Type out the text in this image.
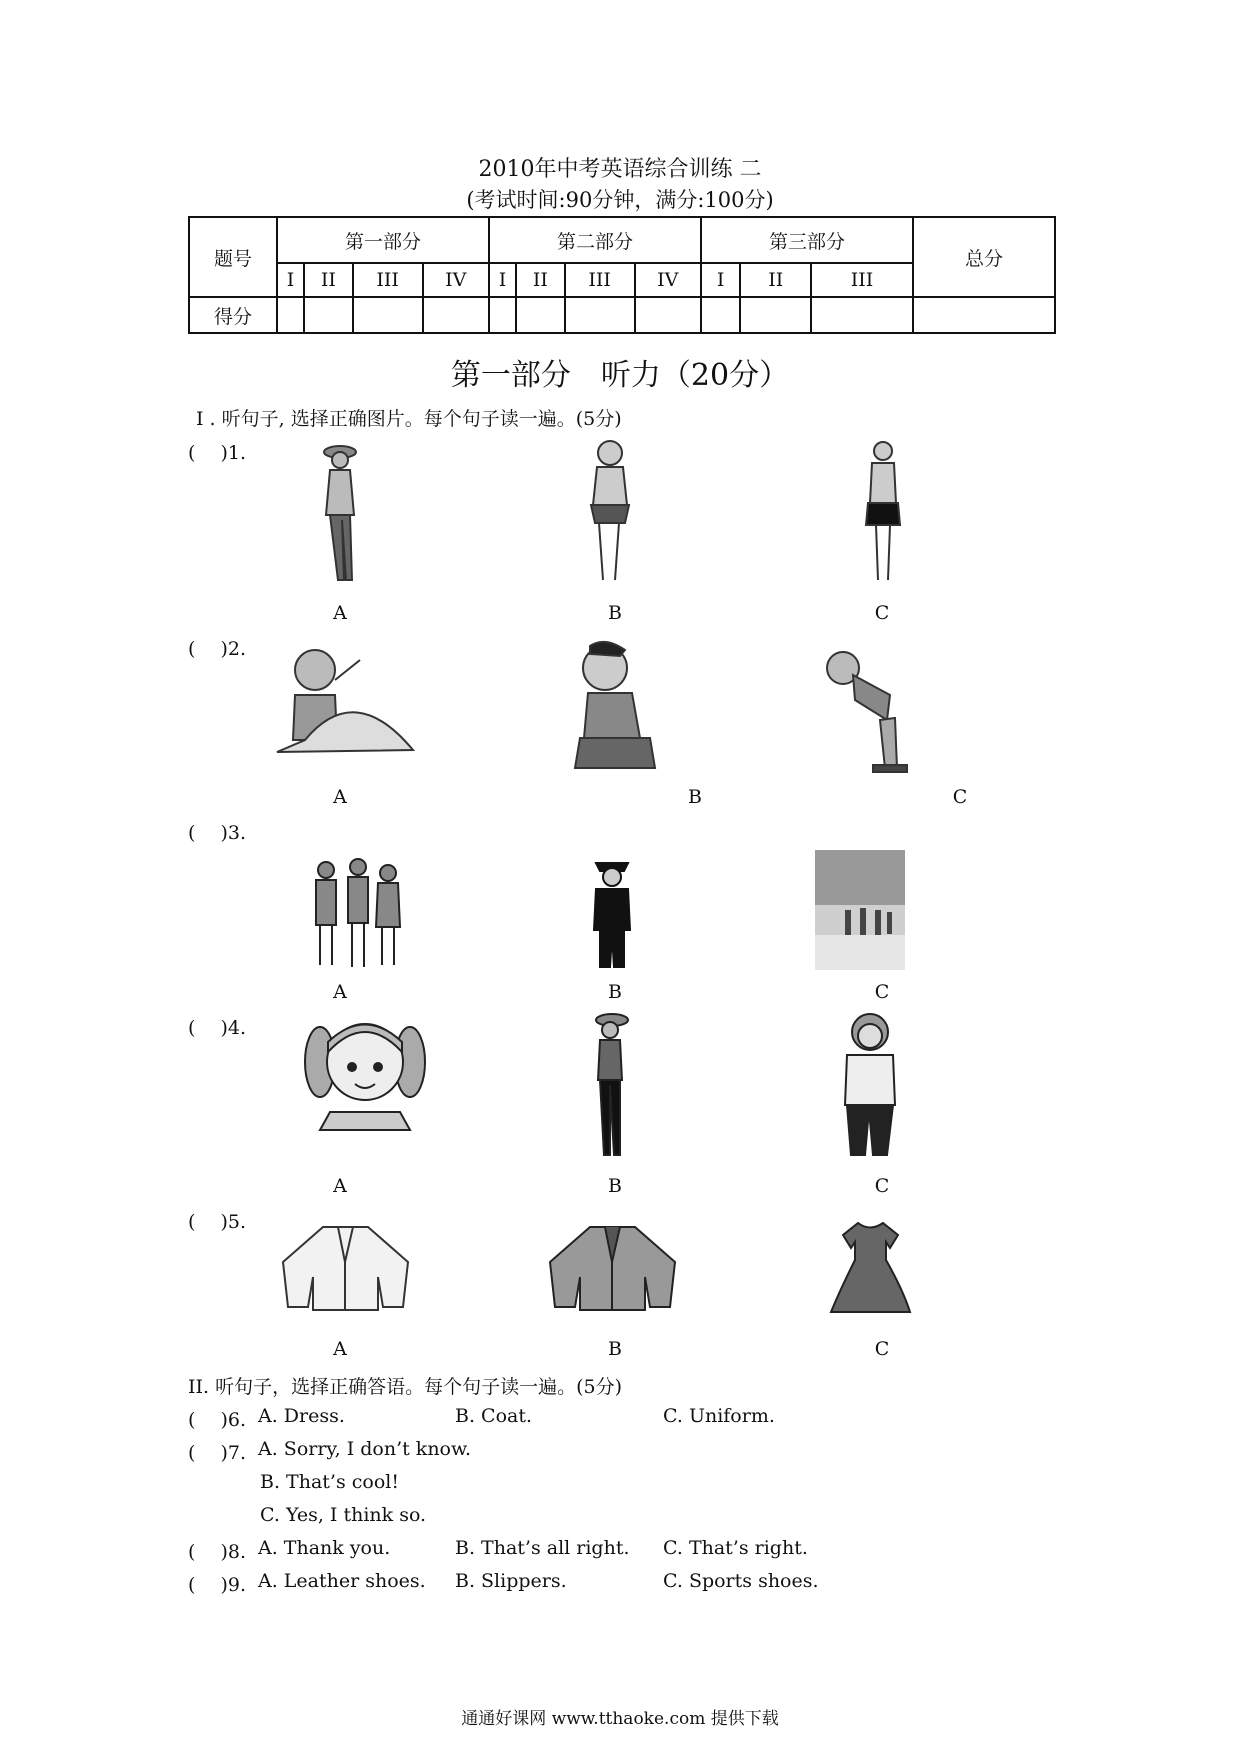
2010年中考英语综合训练 二
(考试时间:90分钟，满分:100分)
题号	第一部分				第二部分				第三部分			总分
	I	II	III	IV	I	II	III	IV	I	II	III	
得分												
第一部分　听力（20分）
I . 听句子, 选择正确图片。每个句子读一遍。(5分)
(　 )1.
A	B	C
(　 )2.
A	B	C
(　 )3.
A	B	C
(　 )4.
A	B	C
(　 )5.
A	B	C
II. 听句子，选择正确答语。每个句子读一遍。(5分)
(　 )6. A. Dress.	B. Coat.	C. Uniform.
(　 )7. A. Sorry, I don’t know.
B. That’s cool!
C. Yes, I think so.
(　 )8. A. Thank you.	B. That’s all right. C. That’s right.
(　 )9. A. Leather shoes. B. Slippers.	C. Sports shoes.
通通好课网 www.tthaoke.com 提供下载
